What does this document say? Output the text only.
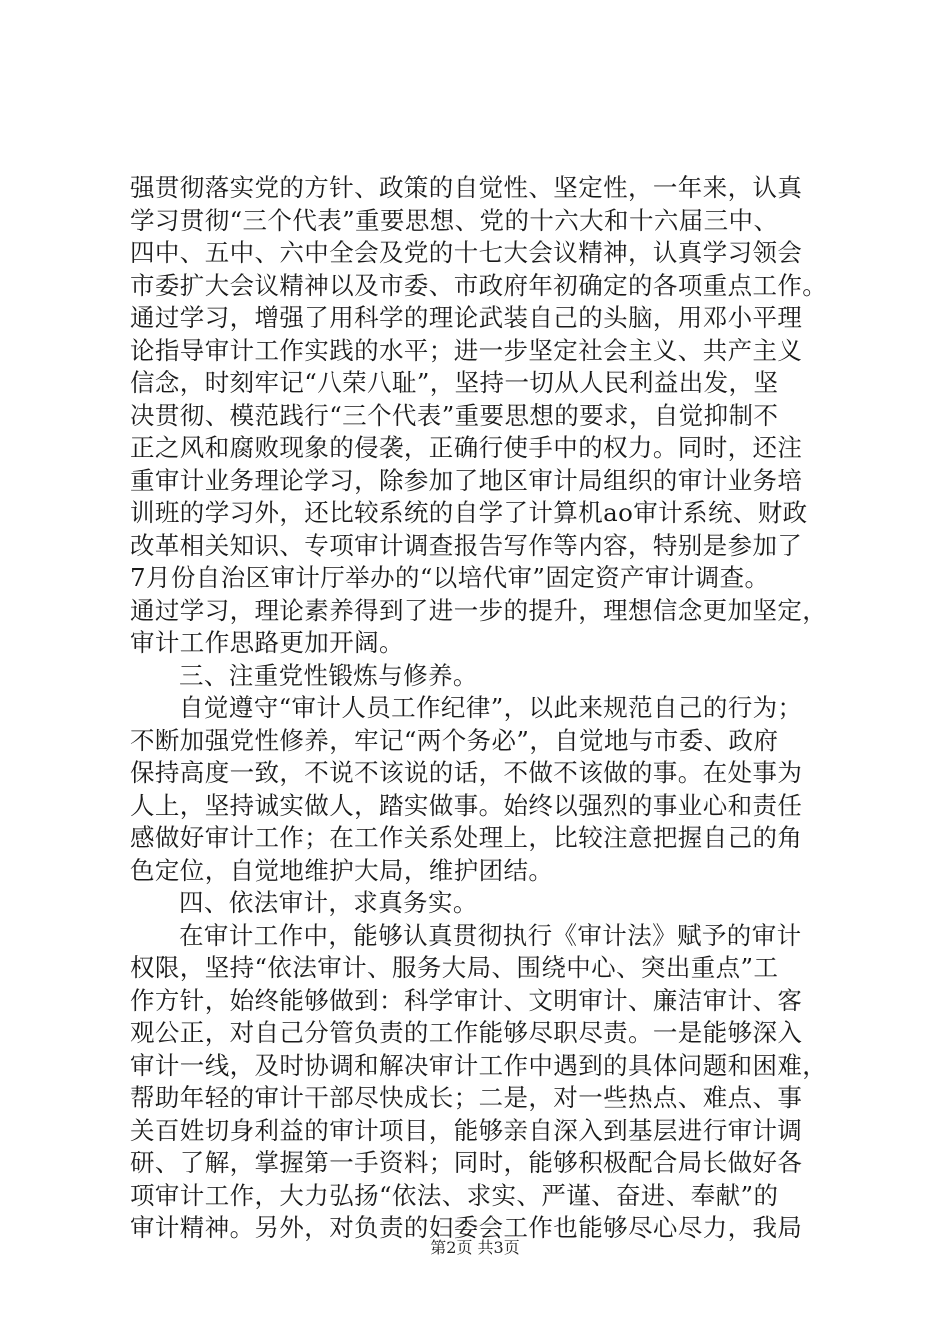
强贯彻落实党的方针、政策的自觉性、坚定性，一年来，认真
学习贯彻“三个代表”重要思想、党的十六大和十六届三中、
四中、五中、六中全会及党的十七大会议精神，认真学习领会
市委扩大会议精神以及市委、市政府年初确定的各项重点工作。
通过学习，增强了用科学的理论武装自己的头脑，用邓小平理
论指导审计工作实践的水平；进一步坚定社会主义、共产主义
信念，时刻牢记“八荣八耻”，坚持一切从人民利益出发，坚
决贯彻、模范践行“三个代表”重要思想的要求，自觉抑制不
正之风和腐败现象的侵袭，正确行使手中的权力。同时，还注
重审计业务理论学习，除参加了地区审计局组织的审计业务培
训班的学习外，还比较系统的自学了计算机ao审计系统、财政
改革相关知识、专项审计调查报告写作等内容，特别是参加了
7月份自治区审计厅举办的“以培代审”固定资产审计调查。
通过学习，理论素养得到了进一步的提升，理想信念更加坚定，
审计工作思路更加开阔。
三、注重党性锻炼与修养。
自觉遵守“审计人员工作纪律”，以此来规范自己的行为；
不断加强党性修养，牢记“两个务必”，自觉地与市委、政府
保持高度一致，不说不该说的话，不做不该做的事。在处事为
人上，坚持诚实做人，踏实做事。始终以强烈的事业心和责任
感做好审计工作；在工作关系处理上，比较注意把握自己的角
色定位，自觉地维护大局，维护团结。
四、依法审计，求真务实。
在审计工作中，能够认真贯彻执行《审计法》赋予的审计
权限，坚持“依法审计、服务大局、围绕中心、突出重点”工
作方针，始终能够做到：科学审计、文明审计、廉洁审计、客
观公正，对自己分管负责的工作能够尽职尽责。一是能够深入
审计一线，及时协调和解决审计工作中遇到的具体问题和困难，
帮助年轻的审计干部尽快成长；二是，对一些热点、难点、事
关百姓切身利益的审计项目，能够亲自深入到基层进行审计调
研、了解，掌握第一手资料；同时，能够积极配合局长做好各
项审计工作，大力弘扬“依法、求实、严谨、奋进、奉献”的
审计精神。另外，对负责的妇委会工作也能够尽心尽力，我局
第2页 共3页
